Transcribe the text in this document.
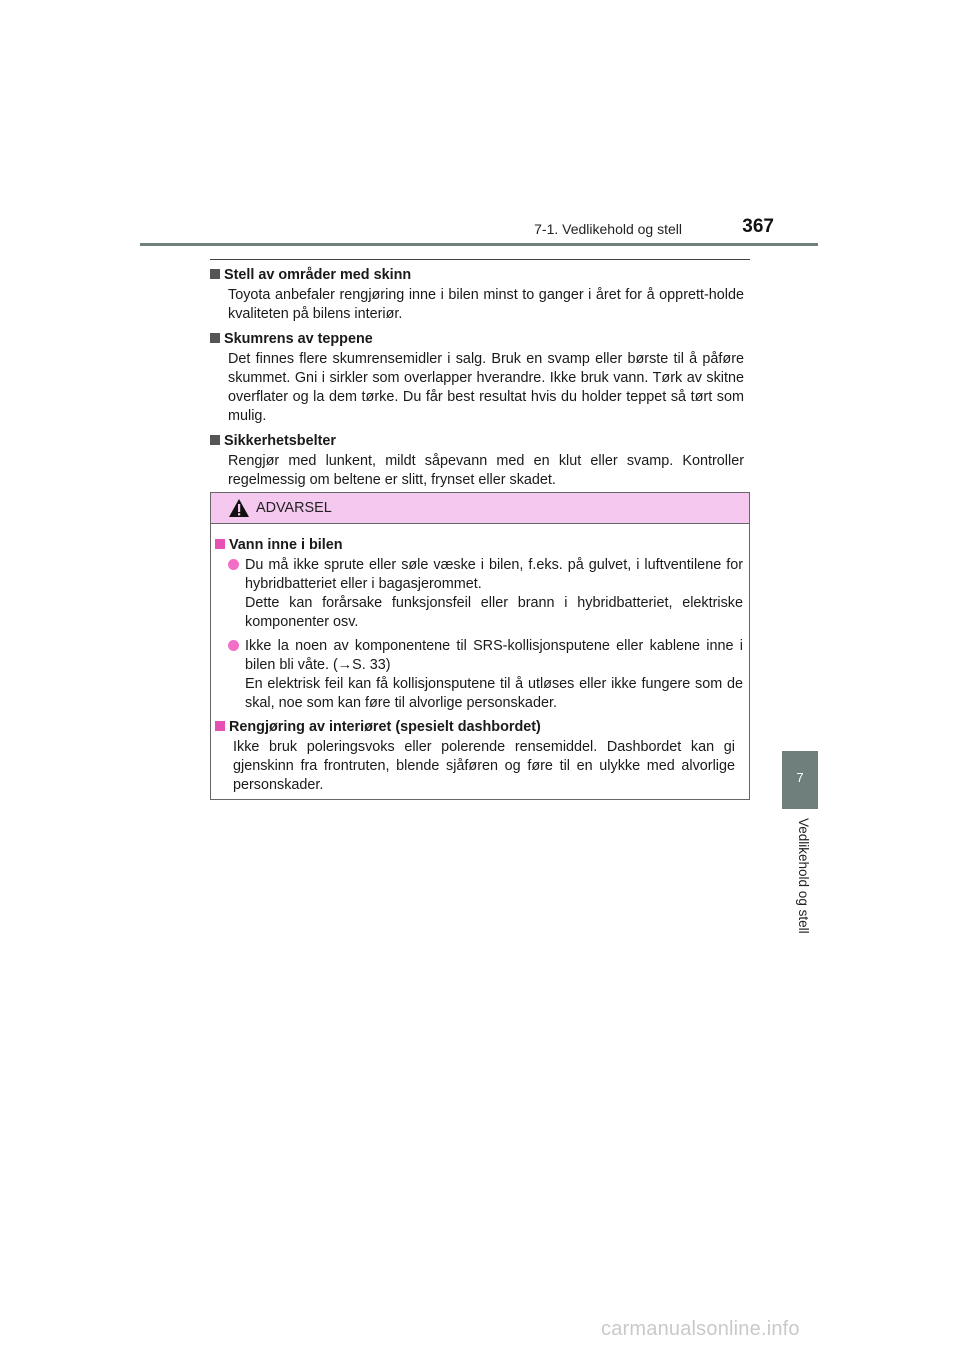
7-1. Vedlikehold og stell	367

Stell av områder med skinn

Toyota anbefaler rengjøring inne i bilen minst to ganger i året for å opprett-holde kvaliteten på bilens interiør.

Skumrens av teppene

Det finnes flere skumrensemidler i salg. Bruk en svamp eller børste til å påføre skummet. Gni i sirkler som overlapper hverandre. Ikke bruk vann. Tørk av skitne overflater og la dem tørke. Du får best resultat hvis du holder teppet så tørt som mulig.

Sikkerhetsbelter

Rengjør med lunkent, mildt såpevann med en klut eller svamp. Kontroller regelmessig om beltene er slitt, frynset eller skadet.

ADVARSEL

Vann inne i bilen

Du må ikke sprute eller søle væske i bilen, f.eks. på gulvet, i luftventilene for hybridbatteriet eller i bagasjerommet.
Dette kan forårsake funksjonsfeil eller brann i hybridbatteriet, elektriske komponenter osv.
Ikke la noen av komponentene til SRS-kollisjonsputene eller kablene inne i bilen bli våte. (→S. 33)
En elektrisk feil kan få kollisjonsputene til å utløses eller ikke fungere som de skal, noe som kan føre til alvorlige personskader.

Rengjøring av interiøret (spesielt dashbordet)

Ikke bruk poleringsvoks eller polerende rensemiddel. Dashbordet kan gi gjenskinn fra frontruten, blende sjåføren og føre til en ulykke med alvorlige personskader.	7
Vedlikehold og stell
carmanualsonline.info
